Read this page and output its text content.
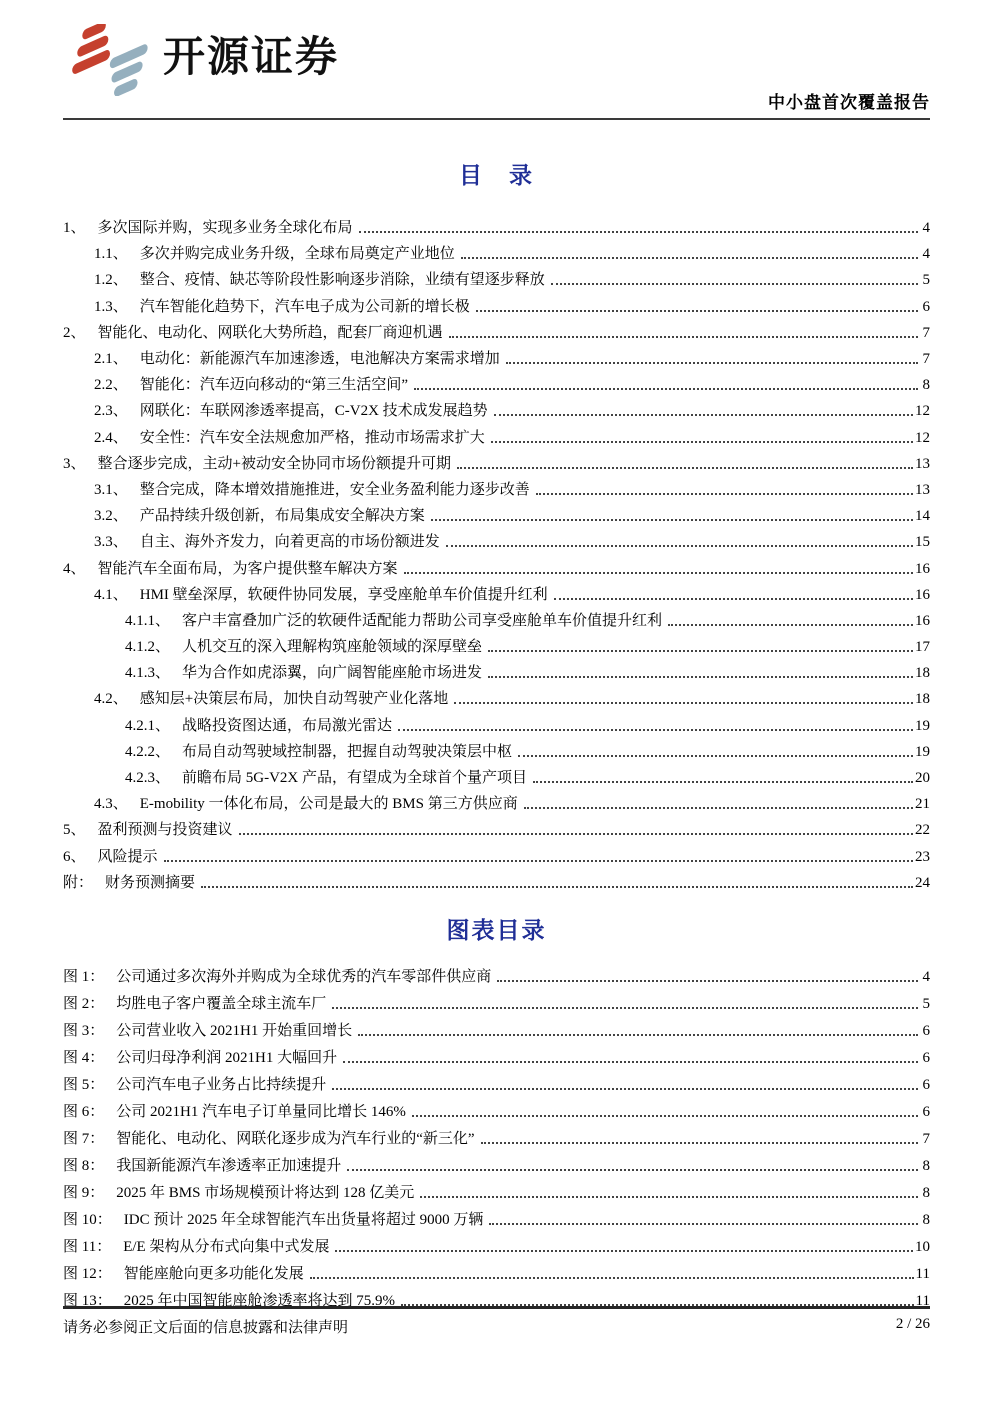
开源证券
中小盘首次覆盖报告
目　录
1、 多次国际并购，实现多业务全球化布局	4
1.1、 多次并购完成业务升级，全球布局奠定产业地位	4
1.2、 整合、疫情、缺芯等阶段性影响逐步消除，业绩有望逐步释放	5
1.3、 汽车智能化趋势下，汽车电子成为公司新的增长极	6
2、 智能化、电动化、网联化大势所趋，配套厂商迎机遇	7
2.1、 电动化：新能源汽车加速渗透，电池解决方案需求增加	7
2.2、 智能化：汽车迈向移动的“第三生活空间”	8
2.3、 网联化：车联网渗透率提高，C-V2X 技术成发展趋势	12
2.4、 安全性：汽车安全法规愈加严格，推动市场需求扩大	12
3、 整合逐步完成，主动+被动安全协同市场份额提升可期	13
3.1、 整合完成，降本增效措施推进，安全业务盈利能力逐步改善	13
3.2、 产品持续升级创新，布局集成安全解决方案	14
3.3、 自主、海外齐发力，向着更高的市场份额进发	15
4、 智能汽车全面布局，为客户提供整车解决方案	16
4.1、 HMI 壁垒深厚，软硬件协同发展，享受座舱单车价值提升红利	16
4.1.1、 客户丰富叠加广泛的软硬件适配能力帮助公司享受座舱单车价值提升红利	16
4.1.2、 人机交互的深入理解构筑座舱领域的深厚壁垒	17
4.1.3、 华为合作如虎添翼，向广阔智能座舱市场进发	18
4.2、 感知层+决策层布局，加快自动驾驶产业化落地	18
4.2.1、 战略投资图达通，布局激光雷达	19
4.2.2、 布局自动驾驶域控制器，把握自动驾驶决策层中枢	19
4.2.3、 前瞻布局 5G-V2X 产品，有望成为全球首个量产项目	20
4.3、 E-mobility 一体化布局，公司是最大的 BMS 第三方供应商	21
5、 盈利预测与投资建议	22
6、 风险提示	23
附： 财务预测摘要	24
图表目录
图 1： 公司通过多次海外并购成为全球优秀的汽车零部件供应商	4
图 2： 均胜电子客户覆盖全球主流车厂	5
图 3： 公司营业收入 2021H1 开始重回增长	6
图 4： 公司归母净利润 2021H1 大幅回升	6
图 5： 公司汽车电子业务占比持续提升	6
图 6： 公司 2021H1 汽车电子订单量同比增长 146%	6
图 7： 智能化、电动化、网联化逐步成为汽车行业的“新三化”	7
图 8： 我国新能源汽车渗透率正加速提升	8
图 9： 2025 年 BMS 市场规模预计将达到 128 亿美元	8
图 10： IDC 预计 2025 年全球智能汽车出货量将超过 9000 万辆	8
图 11： E/E 架构从分布式向集中式发展	10
图 12： 智能座舱向更多功能化发展	11
图 13： 2025 年中国智能座舱渗透率将达到 75.9%	11
请务必参阅正文后面的信息披露和法律声明	2 / 26
